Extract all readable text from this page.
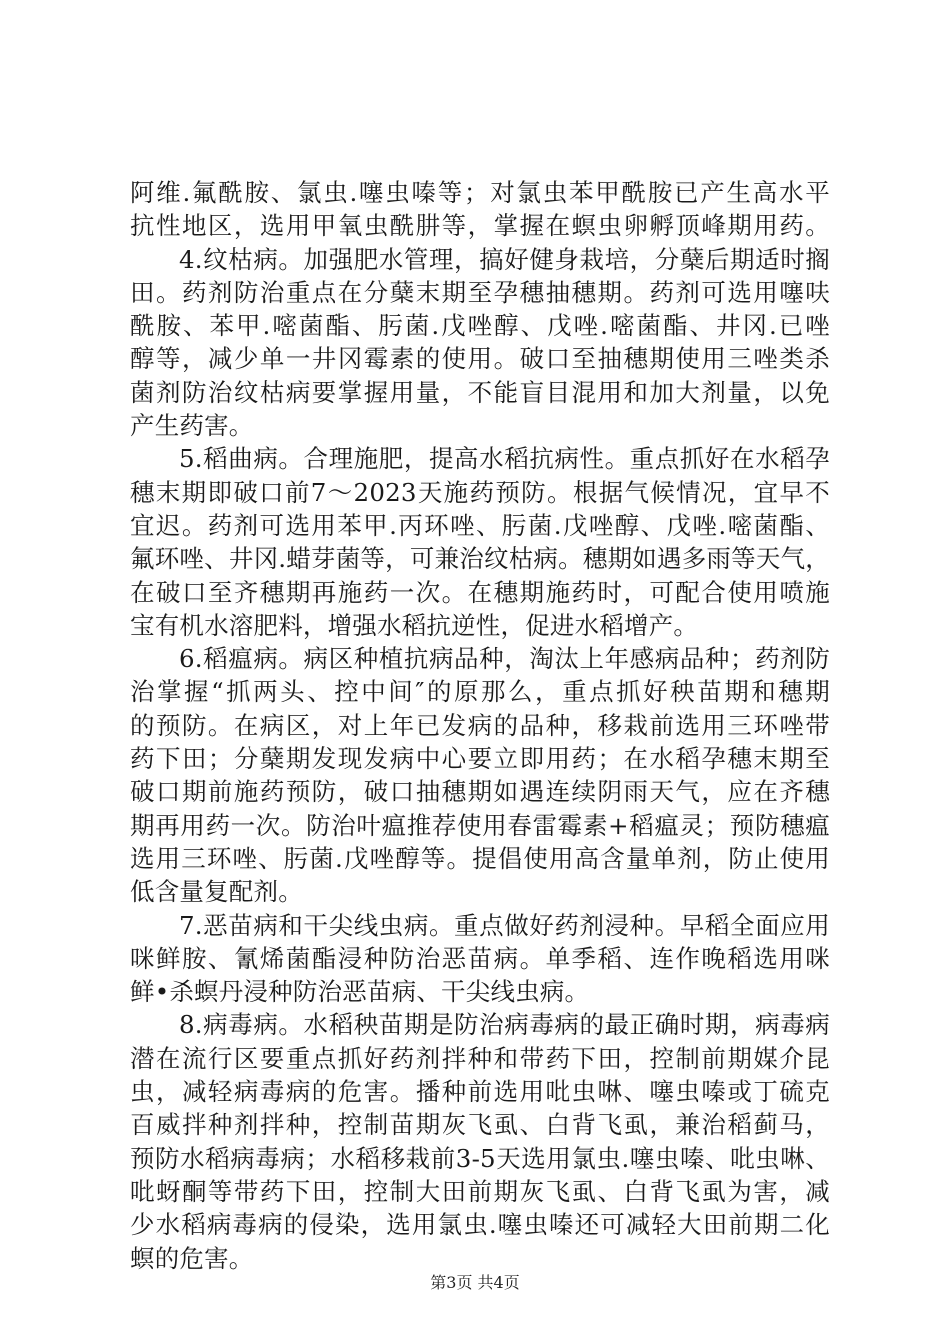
阿维.氟酰胺、氯虫.噻虫嗪等；对氯虫苯甲酰胺已产生高水平
抗性地区，选用甲氧虫酰肼等，掌握在螟虫卵孵顶峰期用药。
4.纹枯病。加强肥水管理，搞好健身栽培，分蘖后期适时搁
田。药剂防治重点在分蘖末期至孕穗抽穗期。药剂可选用噻呋
酰胺、苯甲.嘧菌酯、肟菌.戊唑醇、戊唑.嘧菌酯、井冈.已唑
醇等，减少单一井冈霉素的使用。破口至抽穗期使用三唑类杀
菌剂防治纹枯病要掌握用量，不能盲目混用和加大剂量，以免
产生药害。
5.稻曲病。合理施肥，提高水稻抗病性。重点抓好在水稻孕
穗末期即破口前7～2023天施药预防。根据气候情况，宜早不
宜迟。药剂可选用苯甲.丙环唑、肟菌.戊唑醇、戊唑.嘧菌酯、
氟环唑、井冈.蜡芽菌等，可兼治纹枯病。穗期如遇多雨等天气，
在破口至齐穗期再施药一次。在穗期施药时，可配合使用喷施
宝有机水溶肥料，增强水稻抗逆性，促进水稻增产。
6.稻瘟病。病区种植抗病品种，淘汰上年感病品种；药剂防
治掌握“抓两头、控中间″的原那么，重点抓好秧苗期和穗期
的预防。在病区，对上年已发病的品种，移栽前选用三环唑带
药下田；分蘖期发现发病中心要立即用药；在水稻孕穗末期至
破口期前施药预防，破口抽穗期如遇连续阴雨天气，应在齐穗
期再用药一次。防治叶瘟推荐使用春雷霉素+稻瘟灵；预防穗瘟
选用三环唑、肟菌.戊唑醇等。提倡使用高含量单剂，防止使用
低含量复配剂。
7.恶苗病和干尖线虫病。重点做好药剂浸种。早稻全面应用
咪鲜胺、氰烯菌酯浸种防治恶苗病。单季稻、连作晚稻选用咪
鲜•杀螟丹浸种防治恶苗病、干尖线虫病。
8.病毒病。水稻秧苗期是防治病毒病的最正确时期，病毒病
潜在流行区要重点抓好药剂拌种和带药下田，控制前期媒介昆
虫，减轻病毒病的危害。播种前选用吡虫啉、噻虫嗪或丁硫克
百威拌种剂拌种，控制苗期灰飞虱、白背飞虱，兼治稻蓟马，
预防水稻病毒病；水稻移栽前3-5天选用氯虫.噻虫嗪、吡虫啉、
吡蚜酮等带药下田，控制大田前期灰飞虱、白背飞虱为害，减
少水稻病毒病的侵染，选用氯虫.噻虫嗪还可减轻大田前期二化
螟的危害。
第3页 共4页
